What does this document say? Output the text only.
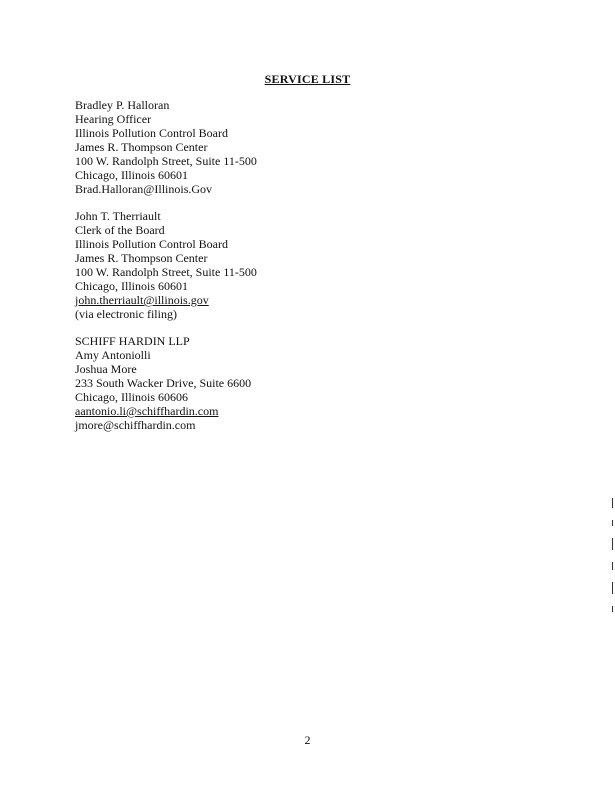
SERVICE LIST
Bradley P. Halloran
Hearing Officer
Illinois Pollution Control Board
James R. Thompson Center
100 W. Randolph Street, Suite 11-500
Chicago, Illinois 60601
Brad.Halloran@Illinois.Gov
John T. Therriault
Clerk of the Board
Illinois Pollution Control Board
James R. Thompson Center
100 W. Randolph Street, Suite 11-500
Chicago, Illinois 60601
john.therriault@illinois.gov
(via electronic filing)
SCHIFF HARDIN LLP
Amy Antoniolli
Joshua More
233 South Wacker Drive, Suite 6600
Chicago, Illinois 60606
aantonio.li@schiffhardin.com
jmore@schiffhardin.com
2
